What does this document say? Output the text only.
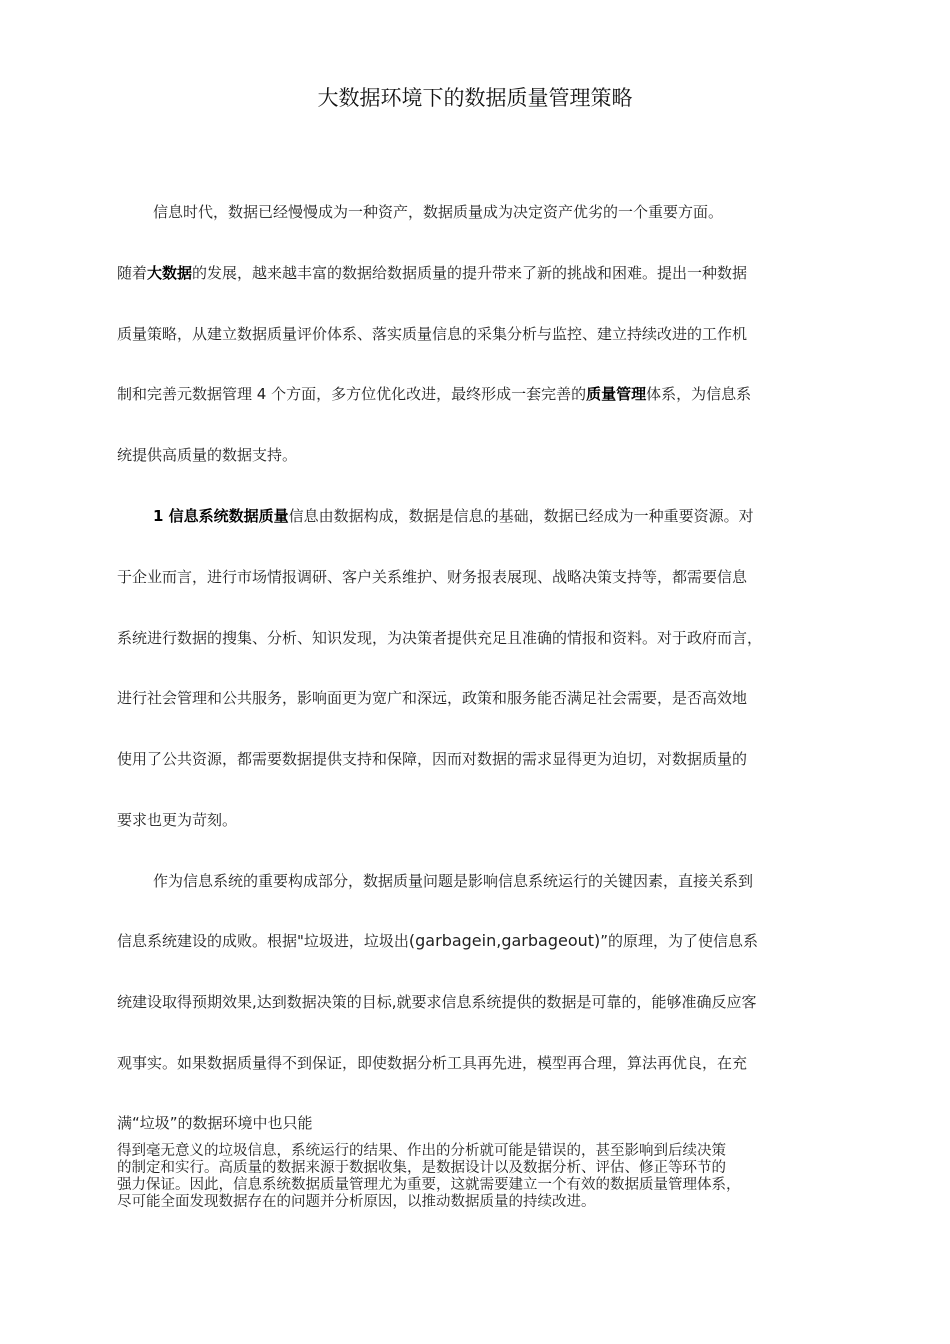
大数据环境下的数据质量管理策略
信息时代，数据已经慢慢成为一种资产，数据质量成为决定资产优劣的一个重要方面。
随着大数据的发展，越来越丰富的数据给数据质量的提升带来了新的挑战和困难。提出一种数据
质量策略，从建立数据质量评价体系、落实质量信息的采集分析与监控、建立持续改进的工作机
制和完善元数据管理 4 个方面，多方位优化改进，最终形成一套完善的质量管理体系，为信息系
统提供高质量的数据支持。
1 信息系统数据质量信息由数据构成，数据是信息的基础，数据已经成为一种重要资源。对
于企业而言，进行市场情报调研、客户关系维护、财务报表展现、战略决策支持等，都需要信息
系统进行数据的搜集、分析、知识发现，为决策者提供充足且准确的情报和资料。对于政府而言，
进行社会管理和公共服务，影响面更为宽广和深远，政策和服务能否满足社会需要，是否高效地
使用了公共资源，都需要数据提供支持和保障，因而对数据的需求显得更为迫切，对数据质量的
要求也更为苛刻。
作为信息系统的重要构成部分，数据质量问题是影响信息系统运行的关键因素，直接关系到
信息系统建设的成败。根据"垃圾进，垃圾出(garbagein,garbageout)”的原理，为了使信息系
统建设取得预期效果,达到数据决策的目标,就要求信息系统提供的数据是可靠的，能够准确反应客
观事实。如果数据质量得不到保证，即使数据分析工具再先进，模型再合理，算法再优良，在充
满“垃圾”的数据环境中也只能
得到毫无意义的垃圾信息，系统运行的结果、作出的分析就可能是错误的，甚至影响到后续决策
的制定和实行。高质量的数据来源于数据收集，是数据设计以及数据分析、评估、修正等环节的
强力保证。因此，信息系统数据质量管理尤为重要，这就需要建立一个有效的数据质量管理体系，
尽可能全面发现数据存在的问题并分析原因，以推动数据质量的持续改进。
